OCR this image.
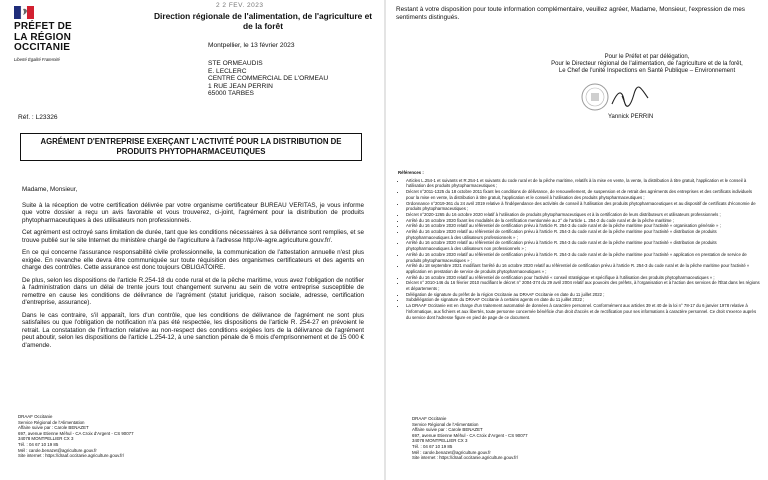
2 2 FEV. 2023
PRÉFET DE LA RÉGION OCCITANIE
Liberté Égalité Fraternité
Direction régionale de l'alimentation, de l'agriculture et de la forêt
Montpellier, le 13 février 2023
STE ORMEAUDIS
E. LECLERC
CENTRE COMMERCIAL DE L'ORMEAU
1 RUE JEAN PERRIN
65000 TARBES
Réf. : L23326
AGRÉMENT D'ENTREPRISE EXERÇANT L'ACTIVITÉ POUR LA DISTRIBUTION DE PRODUITS PHYTOPHARMACEUTIQUES

Madame, Monsieur,

Suite à la réception de votre certification délivrée par votre organisme certificateur BUREAU VERITAS, je vous informe que votre dossier a reçu un avis favorable et vous trouverez, ci-joint, l'agrément pour la distribution de produits phytopharmaceutiques à des utilisateurs non professionnels.

Cet agrément est octroyé sans limitation de durée, tant que les conditions nécessaires à sa délivrance sont remplies, et se trouve publié sur le site Internet du ministère chargé de l'agriculture à l'adresse http://e-agre.agriculture.gouv.fr/.

En ce qui concerne l'assurance responsabilité civile professionnelle, la communication de l'attestation annuelle n'est plus exigée. En revanche elle devra être communiquée sur toute réquisition des organismes certificateurs et des agents en charge des contrôles. Cette assurance est donc toujours OBLIGATOIRE.

De plus, selon les dispositions de l'article R.254-18 du code rural et de la pêche maritime, vous avez l'obligation de notifier à l'administration dans un délai de trente jours tout changement survenu au sein de votre entreprise susceptible de remettre en cause les conditions de délivrance de l'agrément (statut juridique, raison sociale, adresse, certification d'entreprise, assurance).

Dans le cas contraire, s'il apparaît, lors d'un contrôle, que les conditions de délivrance de l'agrément ne sont plus satisfaites ou que l'obligation de notification n'a pas été respectée, les dispositions de l'article R. 254-27 en prévoient le retrait. La constatation de l'infraction relative au non-respect des conditions exigées lors de la délivrance de l'agrément peut aboutir, selon les dispositions de l'article L.254-12, à une sanction pénale de 6 mois d'emprisonnement et de 15 000 € d'amende.

DRAAF Occitanie
Service Régional de l'Alimentation
Affaire suivie par : Carole BENAZET
697, avenue Etienne Méhul - CA Croix d'Argent - CS 90077
34078 MONTPELLIER CX 3
Tél. : 04 67 10 19 85
Mél : carole.benazet@agriculture.gouv.fr
Site internet : https://draaf.occitanie.agriculture.gouv.fr/
Restant à votre disposition pour toute information complémentaire, veuillez agréer, Madame, Monsieur, l'expression de mes sentiments distingués.
Pour le Préfet et par délégation,
Pour le Directeur régional de l'alimentation, de l'agriculture et de la forêt,
Le Chef de l'unité Inspections en Santé Publique – Environnement
Yannick PERRIN
Références :
• Articles L.254-1 et suivants et R.254-1 et suivants du code rural et de la pêche maritime, relatifs à la mise en vente, la vente, la distribution à titre gratuit, l'application et le conseil à l'utilisation des produits phytopharmaceutiques ;
• Décret n°2011-1325 du 18 octobre 2011 fixant les conditions de délivrance, de renouvellement, de suspension et de retrait des agréments des entreprises et des certificats individuels pour la mise en vente, la distribution à titre gratuit, l'application et le conseil à l'utilisation des produits phytopharmaceutiques ;
• Ordonnance n°2019-361 du 24 avril 2019 relative à l'indépendance des activités de conseil à l'utilisation des produits phytopharmaceutiques et au dispositif de certificats d'économie de produits phytopharmaceutiques ;
• Décret n°2020-1265 du 16 octobre 2020 relatif à l'utilisation de produits phytopharmaceutiques et à la certification de leurs distributeurs et utilisateurs professionnels ;
• Arrêté du 16 octobre 2020 fixant les modalités de la certification mentionnée au 2° de l'article L. 254-2 du code rural et de la pêche maritime ;
• Arrêté du 16 octobre 2020 relatif au référentiel de certification prévu à l'article R. 254-3 du code rural et de la pêche maritime pour l'activité « organisation générale » ;
• Arrêté du 16 octobre 2020 relatif au référentiel de certification prévu à l'article R. 254-3 du code rural et de la pêche maritime pour l'activité « distribution de produits phytopharmaceutiques à des utilisateurs professionnels » ;
• Arrêté du 16 octobre 2020 relatif au référentiel de certification prévu à l'article R. 254-3 du code rural et de la pêche maritime pour l'activité « distribution de produits phytopharmaceutiques à des utilisateurs non professionnels » ;
• Arrêté du 16 octobre 2020 relatif au référentiel de certification prévu à l'article R. 254-3 du code rural et de la pêche maritime pour l'activité « application en prestation de service de produits phytopharmaceutiques » ;
• Arrêté du 18 septembre 2021 modifiant l'arrêté du 16 octobre 2020 relatif au référentiel de certification prévu à l'article R. 254-3 du code rural et de la pêche maritime pour l'activité « application en prestation de service de produits phytopharmaceutiques » ;
• Arrêté du 16 octobre 2020 relatif au référentiel de certification pour l'activité « conseil stratégique et spécifique à l'utilisation des produits phytopharmaceutiques » ;
• Décret n° 2010-146 du 16 février 2010 modifiant le décret n° 2004-374 du 29 avril 2004 relatif aux pouvoirs des préfets, à l'organisation et à l'action des services de l'État dans les régions et départements ;
• Délégation de signature du préfet de la région Occitanie au DRAAF Occitanie en date du 11 juillet 2022 ;
• Subdélégation de signature du DRAAF Occitanie à certains agents en date du 11 juillet 2022 ;
• La DRAAF Occitanie est en charge d'un traitement automatisé de données à caractère personnel. Conformément aux articles 39 et 40 de la loi n° 78-17 du 6 janvier 1978 relative à l'informatique, aux fichiers et aux libertés, toute personne concernée bénéficie d'un droit d'accès et de rectification pour ses informations à caractère personnel. Ce droit s'exerce auprès du service dont l'adresse figure en pied de page de ce document.
DRAAF Occitanie
Service Régional de l'Alimentation
Affaire suivie par : Carole BENAZET
697, avenue Etienne Méhul - CA Croix d'Argent - CS 90077
34078 MONTPELLIER CX 3
Tél. : 04 67 10 19 85
Mél : carole.benazet@agriculture.gouv.fr
Site internet : https://draaf.occitanie.agriculture.gouv.fr/
